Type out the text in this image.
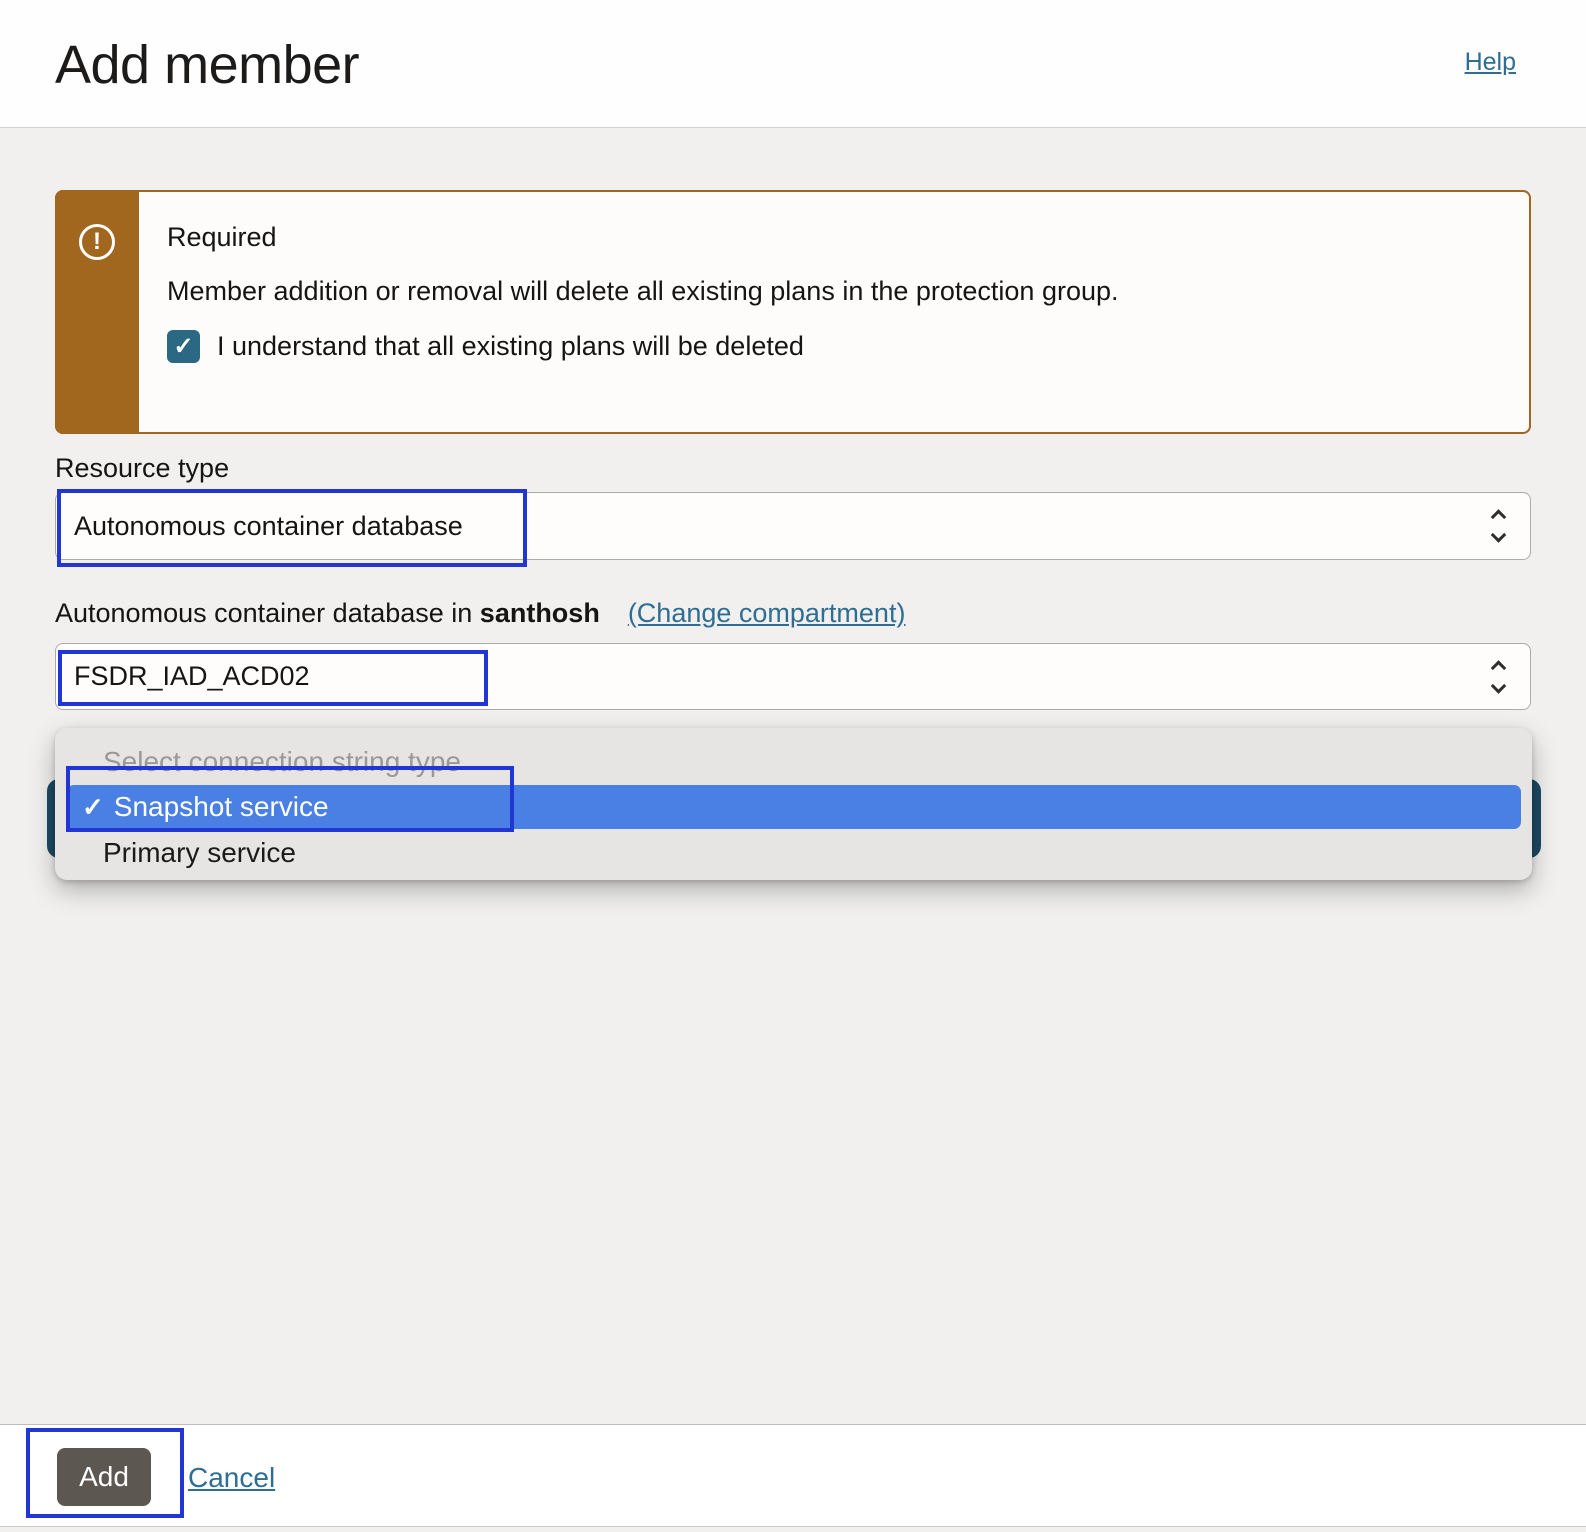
Add member	Help
!	Required
Member addition or removal will delete all existing plans in the protection group.
✓ I understand that all existing plans will be deleted
Resource type
Autonomous container database
Autonomous container database in santhosh (Change compartment)
FSDR_IAD_ACD02
Select connection string type
✓ Snapshot service
Primary service
Add	Cancel
